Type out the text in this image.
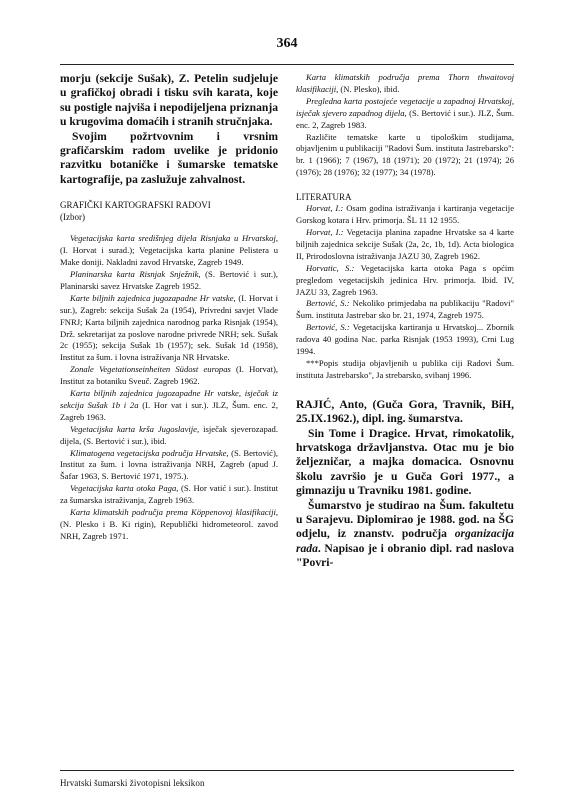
364

morju (sekcije Sušak), Z. Petelin sudjeluje u grafičkoj obradi i tisku svih karata, koje su postigle najviša i nepodijeljena priznanja u krugovima domaćih i stranih stručnjaka.

Svojim požrtvovnim i vrsnim grafičarskim radom uvelike je pridonio razvitku botaničke i šumarske tematske kartografije, pa zaslužuje zahvalnost.

GRAFIČKI KARTOGRAFSKI RADOVI

(Izbor)

Vegetacijska karta središnjeg dijela Risnjaka u Hrvatskoj, (I. Horvat i surad.); Vegetacijska karta planine Pelistera u Make doniji. Nakladni zavod Hrvatske, Zagreb 1949.

Planinarska karta Risnjak Snježnik, (S. Bertović i sur.), Planinarski savez Hrvatske Zagreb 1952.

Karte biljnih zajednica jugozapadne Hr vatske, (I. Horvat i sur.), Zagreb: sekcija Sušak 2a (1954), Privredni savjet Vlade FNRJ; Karta biljnih zajednica narodnog parka Risnjak (1954), Drž. sekretarijat za poslove narodne privrede NRH; sek. Sušak 2c (1955); sekcija Sušak 1b (1957); sek. Sušak 1d (1958), Institut za šum. i lovna istraživanja NR Hrvatske.

Zonale Vegetationseinheiten Südost europas (I. Horvat), Institut za botaniku Sveuč. Zagreb 1962.

Karta biljnih zajednica jugozapadne Hr vatske, isječak iz sekcija Sušak 1b i 2a (I. Hor vat i sur.). JLZ, Šum. enc. 2, Zagreb 1963.

Vegetacijska karta krša Jugoslavije, isječak sjeverozapad. dijela, (S. Bertović i sur.), ibid.

Klimatogena vegetacijska područja Hrvatske, (S. Bertović), Institut za šum. i lovna istraživanja NRH, Zagreb (apud J. Šafar 1963, S. Bertović 1971, 1975.).

Vegetacijska karta otoka Paga, (S. Hor vatić i sur.). Institut za šumarska istraživanja, Zagreb 1963.

Karta klimatskih područja prema Köppenovoj klasifikaciji, (N. Plesko i B. Ki rigin), Republički hidrometeorol. zavod NRH, Zagreb 1971.

Karta klimatskih područja prema Thorn thwaitovoj klasifikaciji, (N. Plesko), ibid.

Pregledna karta postojeće vegetacije u zapadnoj Hrvatskoj, isječak sjevero zapadnog dijela, (S. Bertović i sur.). JLZ, Šum. enc. 2, Zagreb 1983.

Različite tematske karte u tipološkim studijama, objavljenim u publikaciji "Radovi Šum. instituta Jastrebarsko": br. 1 (1966); 7 (1967), 18 (1971); 20 (1972); 21 (1974); 26 (1976); 28 (1976); 32 (1977); 34 (1978).

LITERATURA

Horvat, I.: Osam godina istraživanja i kartiranja vegetacije Gorskog kotara i Hrv. primorja. ŠL 11 12 1955.

Horvat, I.: Vegetacija planina zapadne Hrvatske sa 4 karte biljnih zajednica sekcije Sušak (2a, 2c, 1b, 1d). Acta biologica II, Prirodoslovna istraživanja JAZU 30, Zagreb 1962.

Horvatic, S.: Vegetacijska karta otoka Paga s općim pregledom vegetacijskih jedinica Hrv. primorja. Ibid. IV, JAZU 33, Zagreb 1963.

Bertović, S.: Nekoliko primjedaba na publikaciju "Radovi" Šum. instituta Jastrebar sko br. 21, 1974, Zagreb 1975.

Bertović, S.: Vegetacijska kartiranja u Hrvatskoj... Zbornik radova 40 godina Nac. parka Risnjak (1953 1993), Crni Lug 1994.

***Popis studija objavljenih u publika ciji Radovi Šum. instituta Jastrebarsko", Ja strebarsko, svibanj 1996.

RAJIĆ, Anto, (Guča Gora, Travnik, BiH, 25.IX.1962.), dipl. ing. šumarstva.

Sin Tome i Dragice. Hrvat, rimokatolik, hrvatskoga državljanstva. Otac mu je bio željezničar, a majka domacica. Osnovnu školu završio je u Guča Gori 1977., a gimnaziju u Travniku 1981. godine.

Šumarstvo je studirao na Šum. fakultetu u Sarajevu. Diplomirao je 1988. god. na ŠG odjelu, iz znanstv. područja organizacija rada. Napisao je i obranio dipl. rad naslova "Povri-

Hrvatski šumarski životopisni leksikon
